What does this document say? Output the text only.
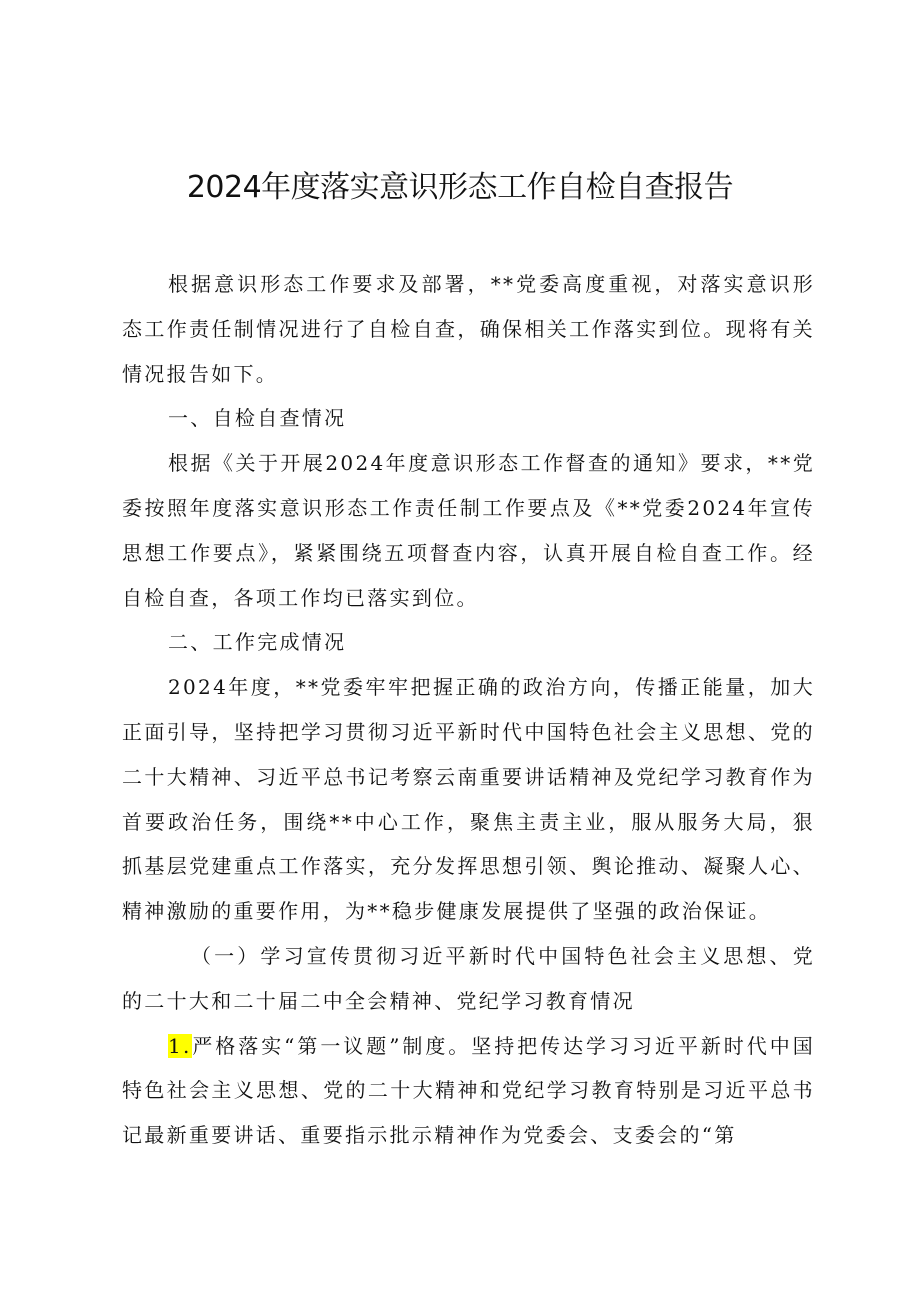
2024年度落实意识形态工作自检自查报告

根据意识形态工作要求及部署，**党委高度重视，对落实意识形态工作责任制情况进行了自检自查，确保相关工作落实到位。现将有关情况报告如下。

一、自检自查情况

根据《关于开展2024年度意识形态工作督查的通知》要求，**党委按照年度落实意识形态工作责任制工作要点及《**党委2024年宣传思想工作要点》，紧紧围绕五项督查内容，认真开展自检自查工作。经自检自查，各项工作均已落实到位。

二、工作完成情况

2024年度，**党委牢牢把握正确的政治方向，传播正能量，加大正面引导，坚持把学习贯彻习近平新时代中国特色社会主义思想、党的二十大精神、习近平总书记考察云南重要讲话精神及党纪学习教育作为首要政治任务，围绕**中心工作，聚焦主责主业，服从服务大局，狠抓基层党建重点工作落实，充分发挥思想引领、舆论推动、凝聚人心、精神激励的重要作用，为**稳步健康发展提供了坚强的政治保证。

（一）学习宣传贯彻习近平新时代中国特色社会主义思想、党的二十大和二十届二中全会精神、党纪学习教育情况

1.严格落实“第一议题”制度。坚持把传达学习习近平新时代中国特色社会主义思想、党的二十大精神和党纪学习教育特别是习近平总书记最新重要讲话、重要指示批示精神作为党委会、支委会的“第
